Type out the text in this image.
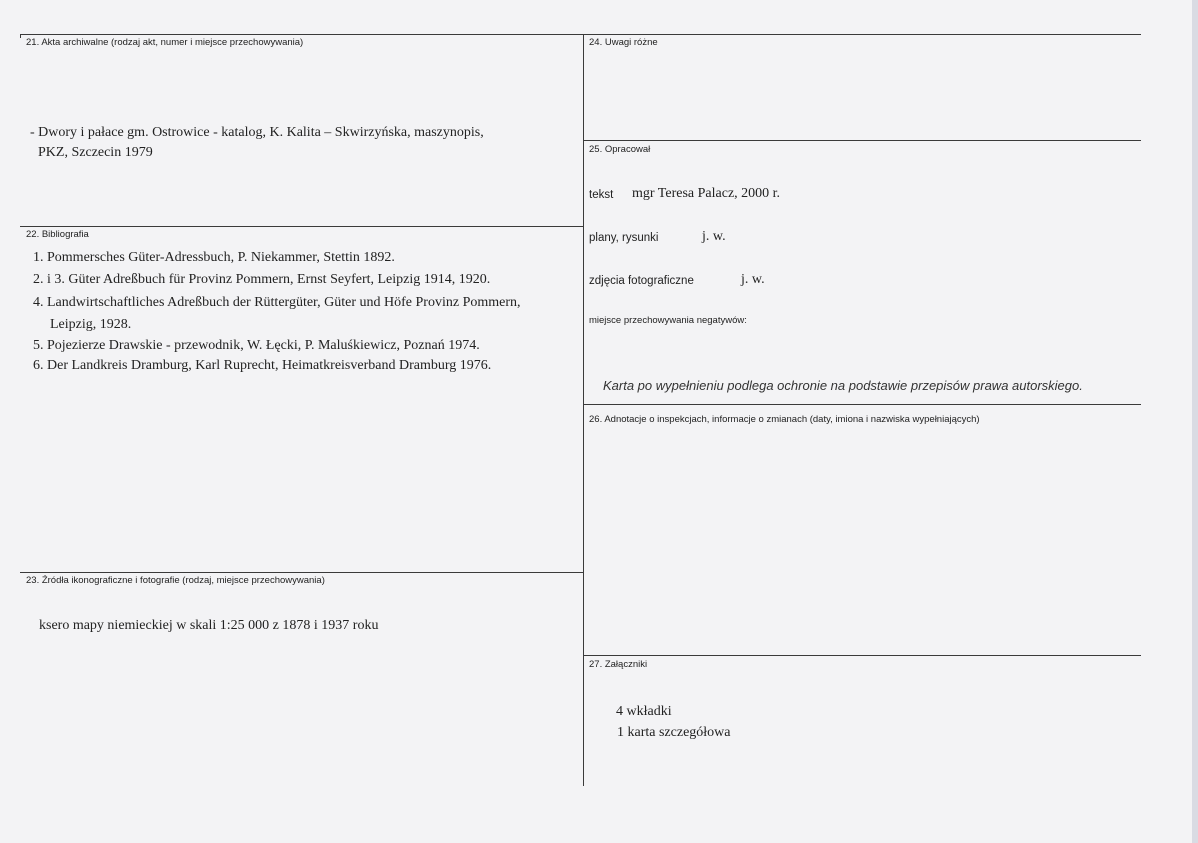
21. Akta archiwalne (rodzaj akt, numer i miejsce przechowywania)
- Dwory i pałace gm. Ostrowice - katalog, K. Kalita – Skwirzyńska, maszynopis,
PKZ, Szczecin 1979
22. Bibliografia
1. Pommersches Güter-Adressbuch, P. Niekammer, Stettin 1892.
2. i 3. Güter Adreßbuch für Provinz Pommern, Ernst Seyfert, Leipzig 1914, 1920.
4. Landwirtschaftliches Adreßbuch der Rüttergüter, Güter und Höfe Provinz Pommern,
Leipzig, 1928.
5. Pojezierze Drawskie - przewodnik, W. Łęcki, P. Maluśkiewicz, Poznań 1974.
6. Der Landkreis Dramburg, Karl Ruprecht, Heimatkreisverband Dramburg 1976.
23. Źródła ikonograficzne i fotografie (rodzaj, miejsce przechowywania)
ksero mapy niemieckiej w skali 1:25 000 z 1878 i 1937 roku
24. Uwagi różne
25. Opracował
tekst mgr Teresa Palacz, 2000 r.
plany, rysunki	j. w.
zdjęcia fotograficzne	j. w.
miejsce przechowywania negatywów:
Karta po wypełnieniu podlega ochronie na podstawie przepisów prawa autorskiego.
26. Adnotacje o inspekcjach, informacje o zmianach (daty, imiona i nazwiska wypełniających)
27. Załączniki
4 wkładki
1 karta szczegółowa
